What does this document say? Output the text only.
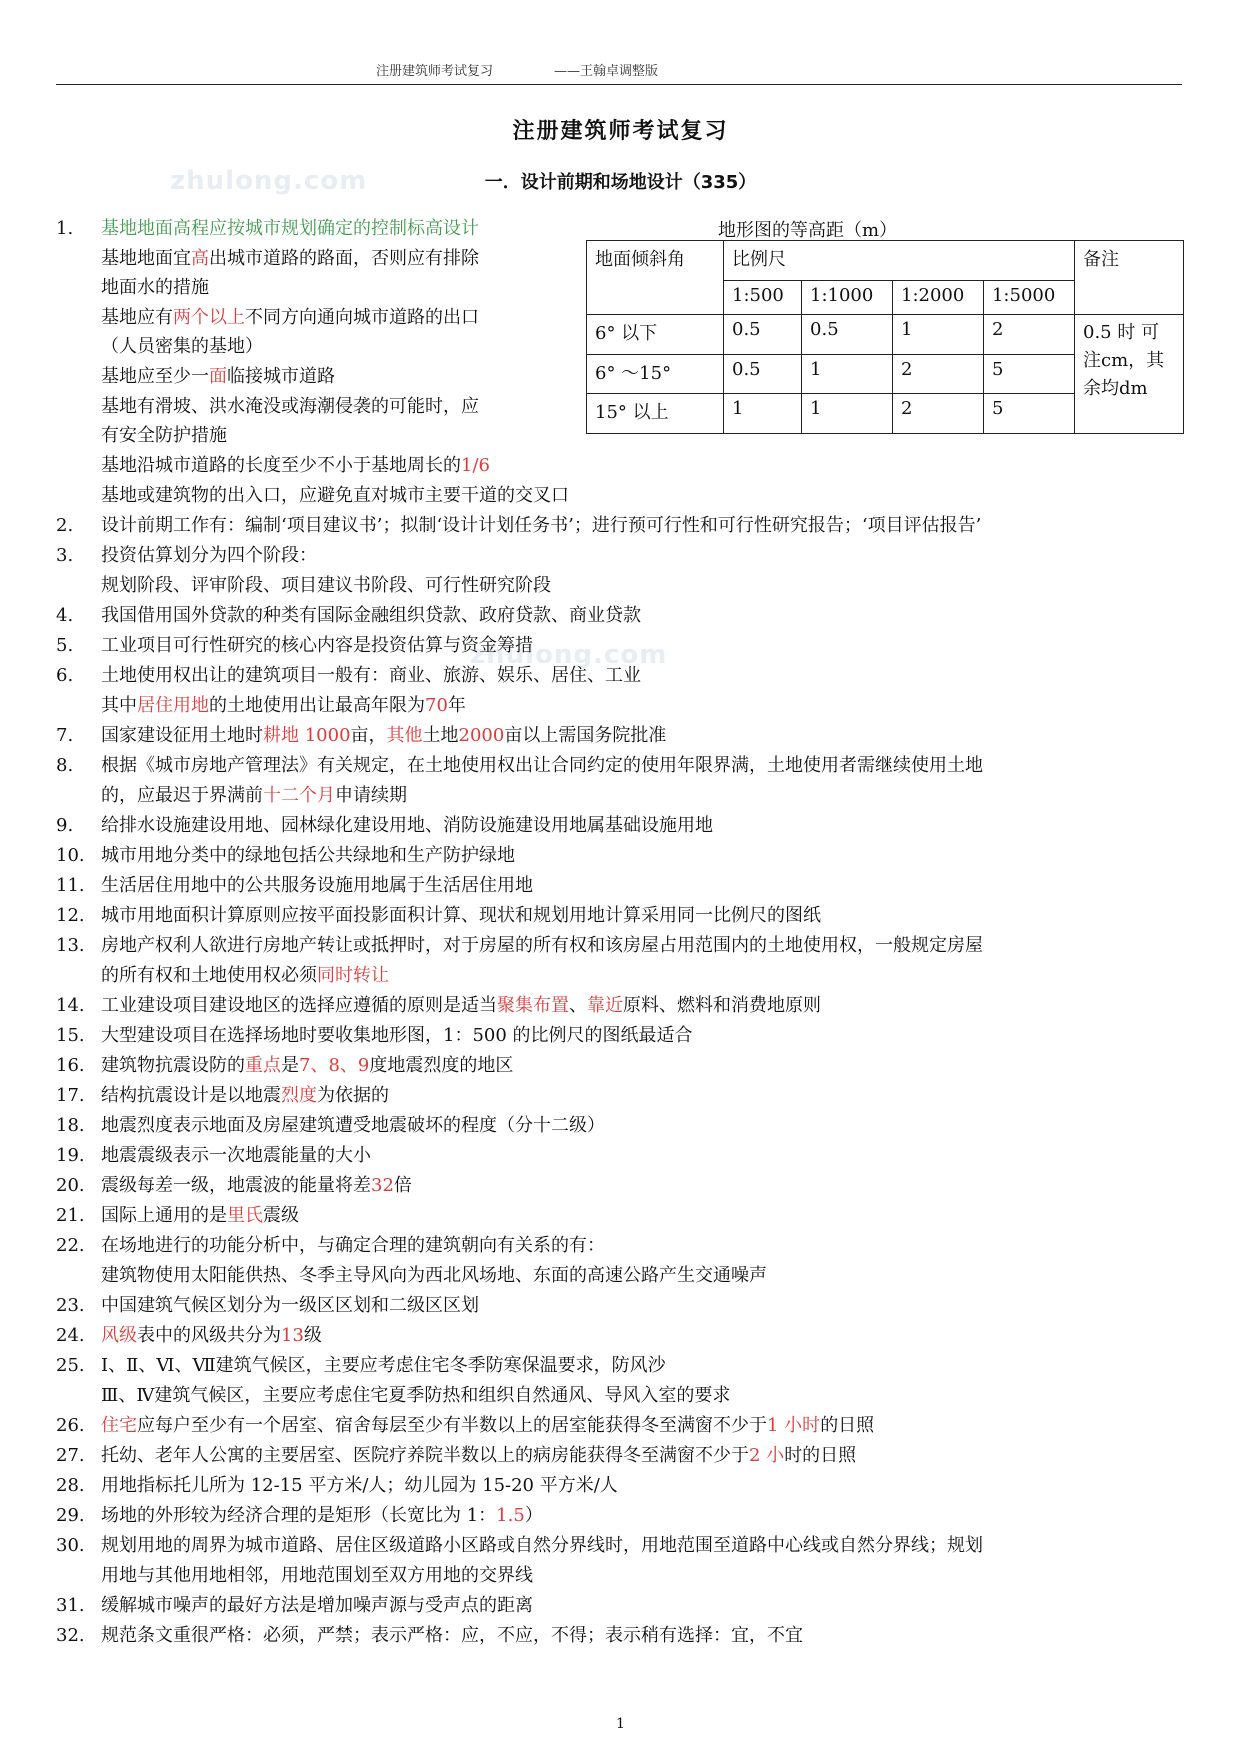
注册建筑师考试复习	——王翰卓调整版
zhulong.com
zhulong.com
注册建筑师考试复习
一．设计前期和场地设计（335）
地形图的等高距（m）
地面倾斜角	比例尺				备注
	1:500	1:1000	1:2000	1:5000	
6° 以下	0.5	0.5	1	2	0.5 时 可注cm，其余均dm
6° ～15°	0.5	1	2	5	
15° 以上	1	1	2	5	
1. 基地地面高程应按城市规划确定的控制标高设计
基地地面宜高出城市道路的路面，否则应有排除
地面水的措施
基地应有两个以上不同方向通向城市道路的出口
（人员密集的基地）
基地应至少一面临接城市道路
基地有滑坡、洪水淹没或海潮侵袭的可能时，应
有安全防护措施
基地沿城市道路的长度至少不小于基地周长的1/6
基地或建筑物的出入口，应避免直对城市主要干道的交叉口
2. 设计前期工作有：编制‘项目建议书’；拟制‘设计计划任务书’；进行预可行性和可行性研究报告；‘项目评估报告’
3. 投资估算划分为四个阶段：
规划阶段、评审阶段、项目建议书阶段、可行性研究阶段
4. 我国借用国外贷款的种类有国际金融组织贷款、政府贷款、商业贷款
5. 工业项目可行性研究的核心内容是投资估算与资金筹措
6. 土地使用权出让的建筑项目一般有：商业、旅游、娱乐、居住、工业
其中居住用地的土地使用出让最高年限为70年
7. 国家建设征用土地时耕地 1000亩，其他土地2000亩以上需国务院批准
8. 根据《城市房地产管理法》有关规定，在土地使用权出让合同约定的使用年限界满，土地使用者需继续使用土地
的，应最迟于界满前十二个月申请续期
9. 给排水设施建设用地、园林绿化建设用地、消防设施建设用地属基础设施用地
10. 城市用地分类中的绿地包括公共绿地和生产防护绿地
11. 生活居住用地中的公共服务设施用地属于生活居住用地
12. 城市用地面积计算原则应按平面投影面积计算、现状和规划用地计算采用同一比例尺的图纸
13. 房地产权利人欲进行房地产转让或抵押时，对于房屋的所有权和该房屋占用范围内的土地使用权，一般规定房屋
的所有权和土地使用权必须同时转让
14. 工业建设项目建设地区的选择应遵循的原则是适当聚集布置、靠近原料、燃料和消费地原则
15. 大型建设项目在选择场地时要收集地形图，1：500 的比例尺的图纸最适合
16. 建筑物抗震设防的重点是7、8、9度地震烈度的地区
17. 结构抗震设计是以地震烈度为依据的
18. 地震烈度表示地面及房屋建筑遭受地震破坏的程度（分十二级）
19. 地震震级表示一次地震能量的大小
20. 震级每差一级，地震波的能量将差32倍
21. 国际上通用的是里氏震级
22. 在场地进行的功能分析中，与确定合理的建筑朝向有关系的有：
建筑物使用太阳能供热、冬季主导风向为西北风场地、东面的高速公路产生交通噪声
23. 中国建筑气候区划分为一级区区划和二级区区划
24. 风级表中的风级共分为13级
25. Ⅰ、Ⅱ、Ⅵ、Ⅶ建筑气候区，主要应考虑住宅冬季防寒保温要求，防风沙
Ⅲ、Ⅳ建筑气候区，主要应考虑住宅夏季防热和组织自然通风、导风入室的要求
26. 住宅应每户至少有一个居室、宿舍每层至少有半数以上的居室能获得冬至满窗不少于1 小时的日照
27. 托幼、老年人公寓的主要居室、医院疗养院半数以上的病房能获得冬至满窗不少于2 小时的日照
28. 用地指标托儿所为 12-15 平方米/人；幼儿园为 15-20 平方米/人
29. 场地的外形较为经济合理的是矩形（长宽比为 1：1.5）
30. 规划用地的周界为城市道路、居住区级道路小区路或自然分界线时，用地范围至道路中心线或自然分界线；规划
用地与其他用地相邻，用地范围划至双方用地的交界线
31. 缓解城市噪声的最好方法是增加噪声源与受声点的距离
32. 规范条文重很严格：必须，严禁；表示严格：应，不应，不得；表示稍有选择：宜，不宜
1
